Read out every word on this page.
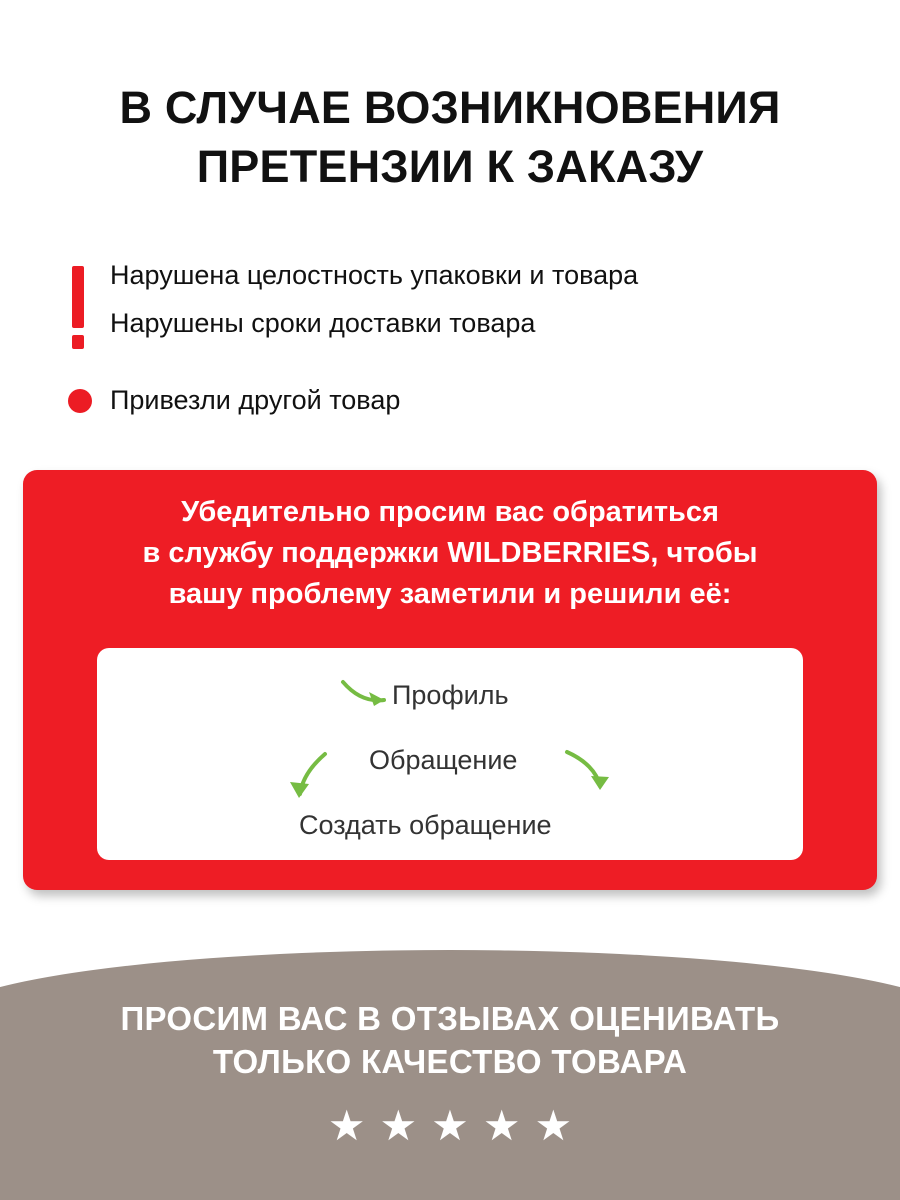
В СЛУЧАЕ ВОЗНИКНОВЕНИЯ
ПРЕТЕНЗИИ К ЗАКАЗУ
Нарушена целостность упаковки и товара
Нарушены сроки доставки товара
Привезли другой товар
Убедительно просим вас обратиться
в службу поддержки WILDBERRIES, чтобы
вашу проблему заметили и решили её:
Профиль
Обращение
Создать обращение
ПРОСИМ ВАС В ОТЗЫВАХ ОЦЕНИВАТЬ
ТОЛЬКО КАЧЕСТВО ТОВАРА
★ ★ ★ ★ ★
